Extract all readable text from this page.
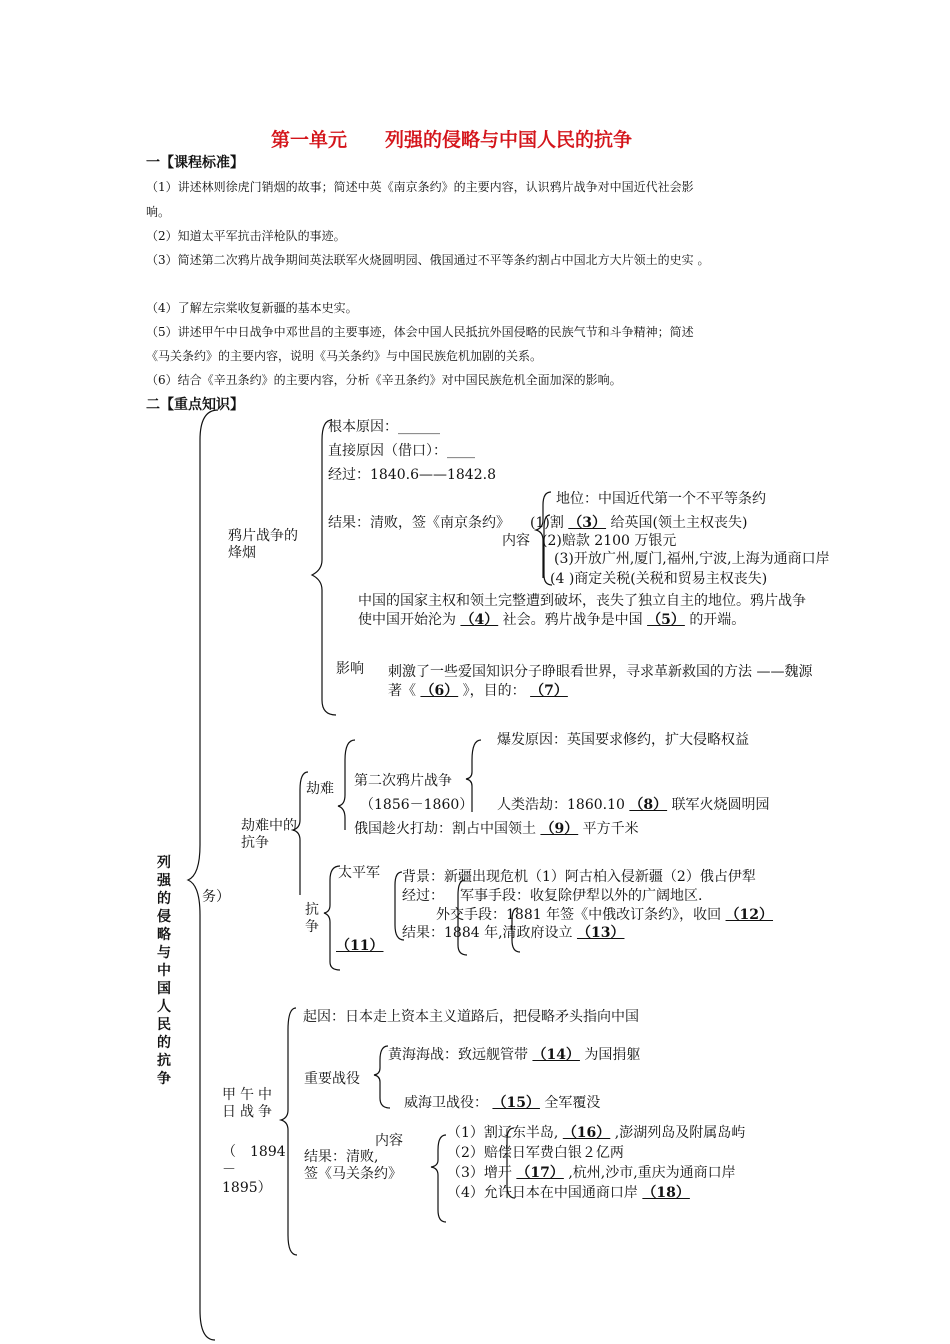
第一单元　　列强的侵略与中国人民的抗争
一【课程标准】
（1）讲述林则徐虎门销烟的故事；简述中英《南京条约》的主要内容，认识鸦片战争对中国近代社会影
响。
（2）知道太平军抗击洋枪队的事迹。
（3）简述第二次鸦片战争期间英法联军火烧圆明园、俄国通过不平等条约割占中国北方大片领土的史实 。
（4）了解左宗棠收复新疆的基本史实。
（5）讲述甲午中日战争中邓世昌的主要事迹，体会中国人民抵抗外国侵略的民族气节和斗争精神；简述
《马关条约》的主要内容，说明《马关条约》与中国民族危机加剧的关系。
（6）结合《辛丑条约》的主要内容，分析《辛丑条约》对中国民族危机全面加深的影响。
二【重点知识】
列强的侵略与中国人民的抗争
务）
鸦片战争的烽烟
根本原因：______
直接原因（借口）：____
经过：1840.6——1842.8
结果：清败，签《南京条约》
地位：中国近代第一个不平等条约
内容
(1)割 （3） 给英国(领土主权丧失)
(2)赔款 2100 万银元
(3)开放广州,厦门,福州,宁波,上海为通商口岸
(4 )商定关税(关税和贸易主权丧失)
中国的国家主权和领土完整遭到破坏，丧失了独立自主的地位。鸦片战争
使中国开始沦为 （4） 社会。鸦片战争是中国 （5） 的开端。
影响 刺激了一些爱国知识分子睁眼看世界，寻求革新救国的方法 ——魏源
著《 （6） 》，目的： （7）
劫难中的抗争
劫难 第二次鸦片战争
（1856－1860）
爆发原因：英国要求修约，扩大侵略权益
人类浩劫：1860.10 （8） 联军火烧圆明园
俄国趁火打劫：割占中国领土 （9） 平方千米
太平军
抗争
背景：新疆出现危机（1）阿古柏入侵新疆（2）俄占伊犁
经过： 军事手段：收复除伊犁以外的广阔地区.
外交手段：1881 年签《中俄改订条约》，收回 （12）
结果：1884 年,清政府设立 （13）
（11）
甲午中日战争
（　1894
－
1895）
起因：日本走上资本主义道路后，把侵略矛头指向中国
重要战役
黄海海战：致远舰管带 （14） 为国捐躯
威海卫战役： （15） 全军覆没
内容
结果：清败,
签《马关条约》
（1）割辽东半岛, （16） ,澎湖列岛及附属岛屿
（2）赔偿日军费白银２亿两
（3）增开 （17） ,杭州,沙市,重庆为通商口岸
（4）允许日本在中国通商口岸 （18）
